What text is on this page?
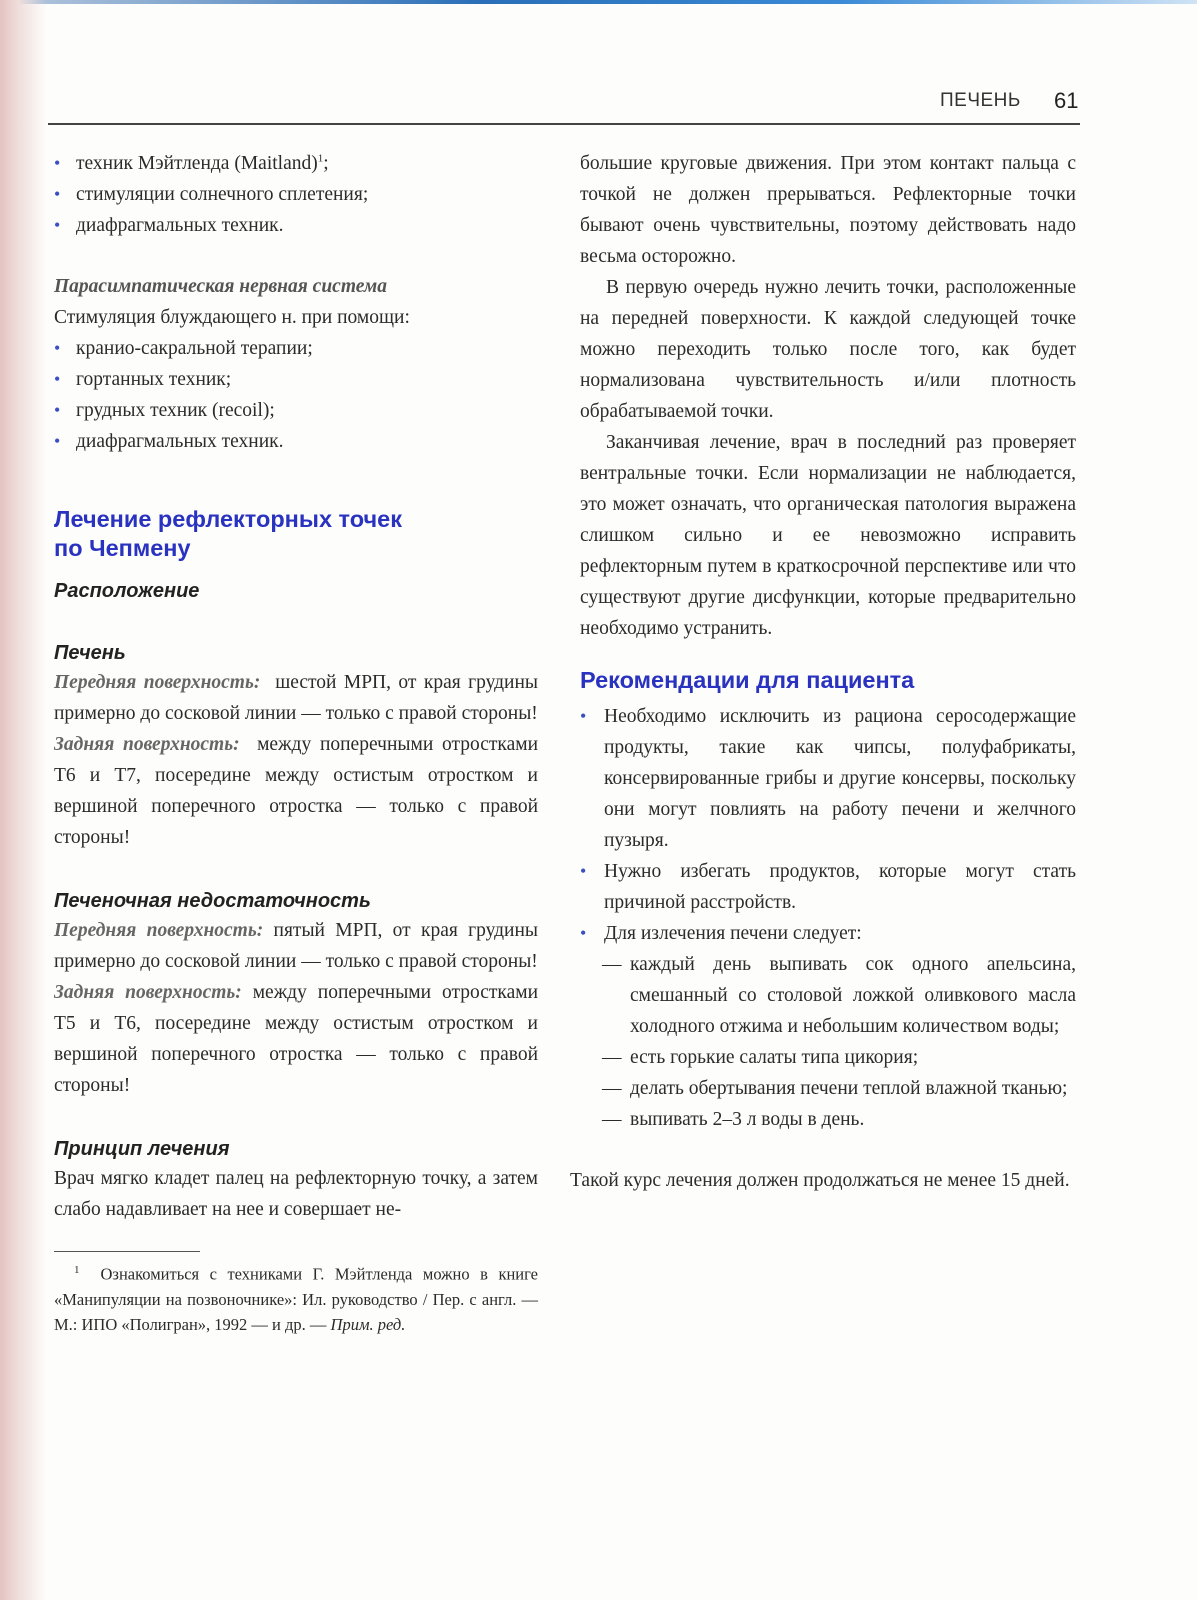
ПЕЧЕНЬ 61
• техник Мэйтленда (Maitland)$^1$;
• стимуляции солнечного сплетения;
• диафрагмальных техник.

Парасимпатическая нервная система

Стимуляция блуждающего н. при помощи:

• кранио-сакральной терапии;
• гортанных техник;
• грудных техник (recoil);
• диафрагмальных техник.
Лечение рефлекторных точек
по Чепмену
Расположение
Печень

Передняя поверхность: шестой МРП, от края грудины примерно до сосковой линии — только с правой стороны!

Задняя поверхность: между поперечными отростками Т6 и Т7, посередине между остистым отростком и вершиной поперечного отростка — только с правой стороны!

Печеночная недостаточность

Передняя поверхность: пятый МРП, от края грудины примерно до сосковой линии — только с правой стороны!

Задняя поверхность: между поперечными отростками Т5 и Т6, посередине между остистым отростком и вершиной поперечного отростка — только с правой стороны!

Принцип лечения

Врач мягко кладет палец на рефлекторную точку, а затем слабо надавливает на нее и совершает не-

$^1$ Ознакомиться с техниками Г. Мэйтленда можно в книге «Манипуляции на позвоночнике»: Ил. руководство / Пер. с англ. — М.: ИПО «Полигран», 1992 — и др. — Прим. ред.

большие круговые движения. При этом контакт пальца с точкой не должен прерываться. Рефлекторные точки бывают очень чувствительны, поэтому действовать надо весьма осторожно.

В первую очередь нужно лечить точки, расположенные на передней поверхности. К каждой следующей точке можно переходить только после того, как будет нормализована чувствительность и/или плотность обрабатываемой точки.

Заканчивая лечение, врач в последний раз проверяет вентральные точки. Если нормализации не наблюдается, это может означать, что органическая патология выражена слишком сильно и ее невозможно исправить рефлекторным путем в краткосрочной перспективе или что существуют другие дисфункции, которые предварительно необходимо устранить.

Рекомендации для пациента
• Необходимо исключить из рациона серосодержащие продукты, такие как чипсы, полуфабрикаты, консервированные грибы и другие консервы, поскольку они могут повлиять на работу печени и желчного пузыря.
• Нужно избегать продуктов, которые могут стать причиной расстройств.
• Для излечения печени следует:
— каждый день выпивать сок одного апельсина, смешанный со столовой ложкой оливкового масла холодного отжима и небольшим количеством воды;
— есть горькие салаты типа цикория;
— делать обертывания печени теплой влажной тканью;
— выпивать 2–3 л воды в день.

Такой курс лечения должен продолжаться не менее 15 дней.
